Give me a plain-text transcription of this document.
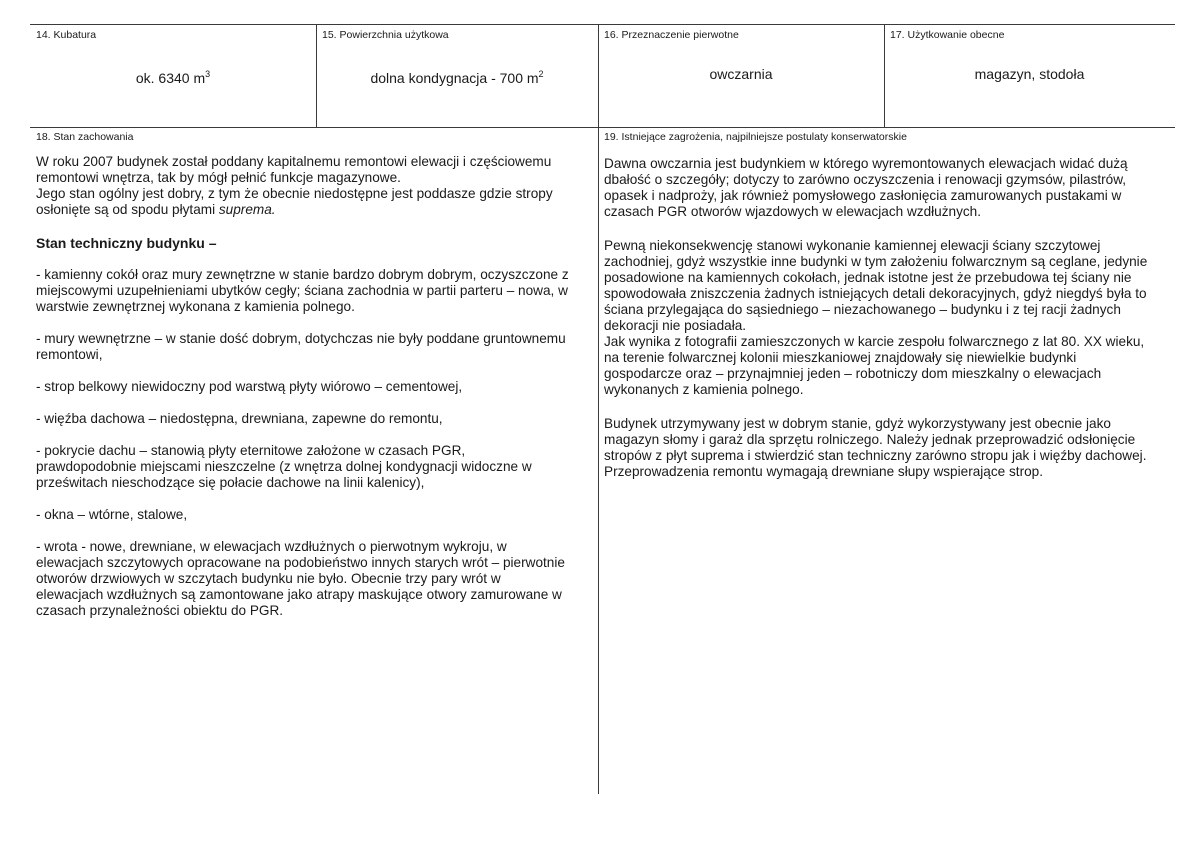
14. Kubatura
ok. 6340 $m^3$
15. Powierzchnia użytkowa
dolna kondygnacja - 700 $m^2$
16. Przeznaczenie pierwotne
owczarnia
17. Użytkowanie obecne
magazyn, stodoła
18. Stan zachowania

W roku 2007 budynek został poddany kapitalnemu remontowi elewacji i częściowemu

remontowi wnętrza, tak by mógł pełnić funkcje magazynowe.

Jego stan ogólny jest dobry, z tym że obecnie niedostępne jest poddasze gdzie stropy

osłonięte są od spodu płytami suprema.

Stan techniczny budynku –

- kamienny cokół oraz mury zewnętrzne w stanie bardzo dobrym dobrym, oczyszczone z

miejscowymi uzupełnieniami ubytków cegły; ściana zachodnia w partii parteru – nowa, w

warstwie zewnętrznej wykonana z kamienia polnego.

- mury wewnętrzne – w stanie dość dobrym, dotychczas nie były poddane gruntownemu

remontowi,

- strop belkowy niewidoczny pod warstwą płyty wiórowo – cementowej,

- więźba dachowa – niedostępna, drewniana, zapewne do remontu,

- pokrycie dachu – stanowią płyty eternitowe założone w czasach PGR,

prawdopodobnie miejscami nieszczelne (z wnętrza dolnej kondygnacji widoczne w

prześwitach nieschodzące się połacie dachowe na linii kalenicy),

- okna – wtórne, stalowe,

- wrota - nowe, drewniane, w elewacjach wzdłużnych o pierwotnym wykroju, w

elewacjach szczytowych opracowane na podobieństwo innych starych wrót – pierwotnie

otworów drzwiowych w szczytach budynku nie było. Obecnie trzy pary wrót w

elewacjach wzdłużnych są zamontowane jako atrapy maskujące otwory zamurowane w

czasach przynależności obiektu do PGR.

19. Istniejące zagrożenia, najpilniejsze postulaty konserwatorskie

Dawna owczarnia jest budynkiem w którego wyremontowanych elewacjach widać dużą

dbałość o szczegóły; dotyczy to zarówno oczyszczenia i renowacji gzymsów, pilastrów,

opasek i nadproży, jak również pomysłowego zasłonięcia zamurowanych pustakami w

czasach PGR otworów wjazdowych w elewacjach wzdłużnych.

Pewną niekonsekwencję stanowi wykonanie kamiennej elewacji ściany szczytowej

zachodniej, gdyż wszystkie inne budynki w tym założeniu folwarcznym są ceglane, jedynie

posadowione na kamiennych cokołach, jednak istotne jest że przebudowa tej ściany nie

spowodowała zniszczenia żadnych istniejących detali dekoracyjnych, gdyż niegdyś była to

ściana przylegająca do sąsiedniego – niezachowanego – budynku i z tej racji żadnych

dekoracji nie posiadała.

Jak wynika z fotografii zamieszczonych w karcie zespołu folwarcznego z lat 80. XX wieku,

na terenie folwarcznej kolonii mieszkaniowej znajdowały się niewielkie budynki

gospodarcze oraz – przynajmniej jeden – robotniczy dom mieszkalny o elewacjach

wykonanych z kamienia polnego.

Budynek utrzymywany jest w dobrym stanie, gdyż wykorzystywany jest obecnie jako

magazyn słomy i garaż dla sprzętu rolniczego. Należy jednak przeprowadzić odsłonięcie

stropów z płyt suprema i stwierdzić stan techniczny zarówno stropu jak i więźby dachowej.

Przeprowadzenia remontu wymagają drewniane słupy wspierające strop.
